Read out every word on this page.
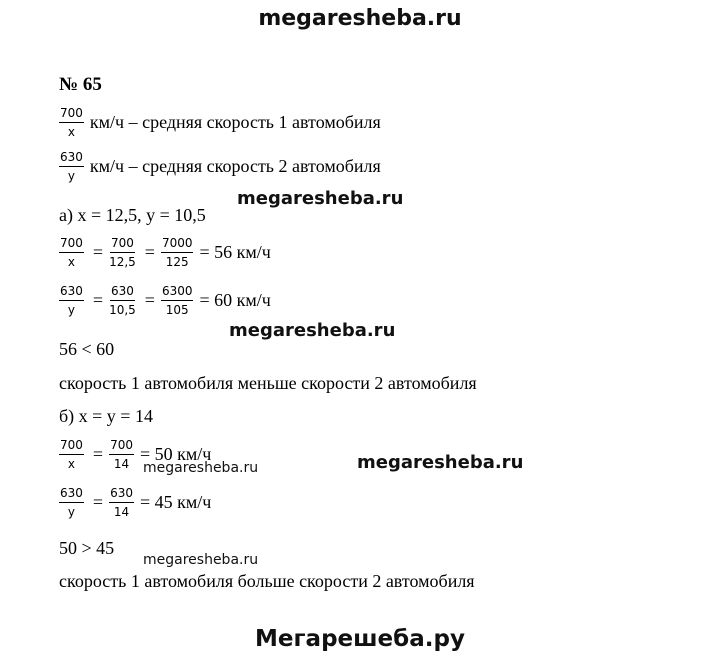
megaresheba.ru
megaresheba.ru
megaresheba.ru
megaresheba.ru
megaresheba.ru
megaresheba.ru
Мегарешеба.ру
№ 65
$\frac{700}{x} км/ч$ – средняя скорость 1 автомобиля
$\frac{630}{y} км/ч$ – средняя скорость 2 автомобиля
а) x = 12,5, y = 10,5
$\frac{700}{x} = \frac{700}{12,5} = \frac{7000}{125} = 56$ км/ч
$\frac{630}{y} = \frac{630}{10,5} = \frac{6300}{105} = 60$ км/ч
56 < 60
скорость 1 автомобиля меньше скорости 2 автомобиля
б) x = y = 14
$\frac{700}{x} = \frac{700}{14} = 50$ км/ч
$\frac{630}{y} = \frac{630}{14} = 45$ км/ч
50 > 45
скорость 1 автомобиля больше скорости 2 автомобиля
